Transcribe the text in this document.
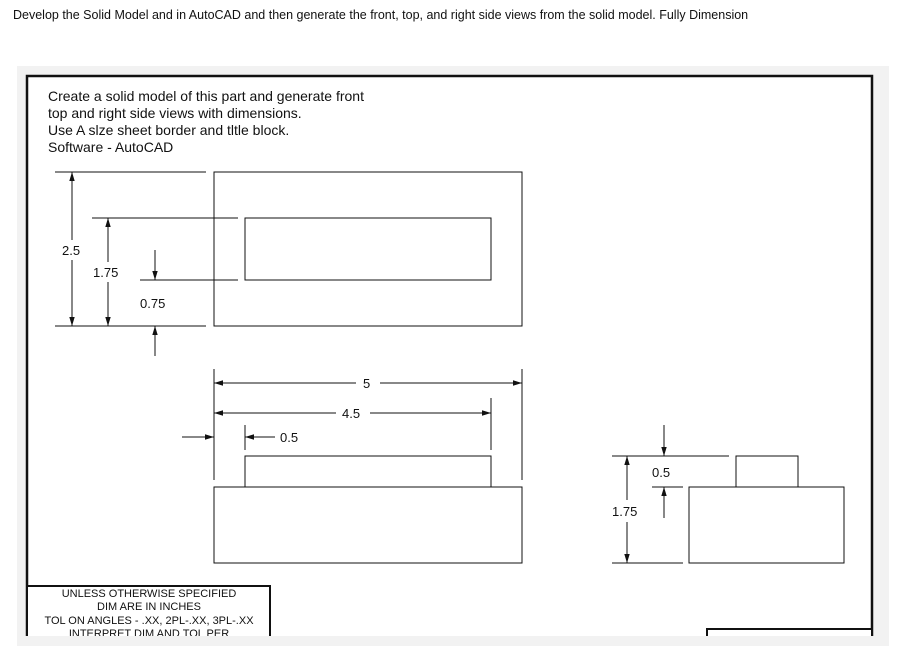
Develop the Solid Model and in AutoCAD and then generate the front, top, and right side views from the solid model. Fully Dimension
Create a solid model of this part and generate front
top and right side views with dimensions.
Use A slze sheet border and tltle block.
Software - AutoCAD
2.5
1.75
0.75
5
4.5
0.5
0.5
1.75
UNLESS OTHERWISE SPECIFIED
DIM ARE IN INCHES
TOL ON ANGLES - .XX, 2PL-.XX, 3PL-.XX
INTERPRET DIM AND TOL PER
